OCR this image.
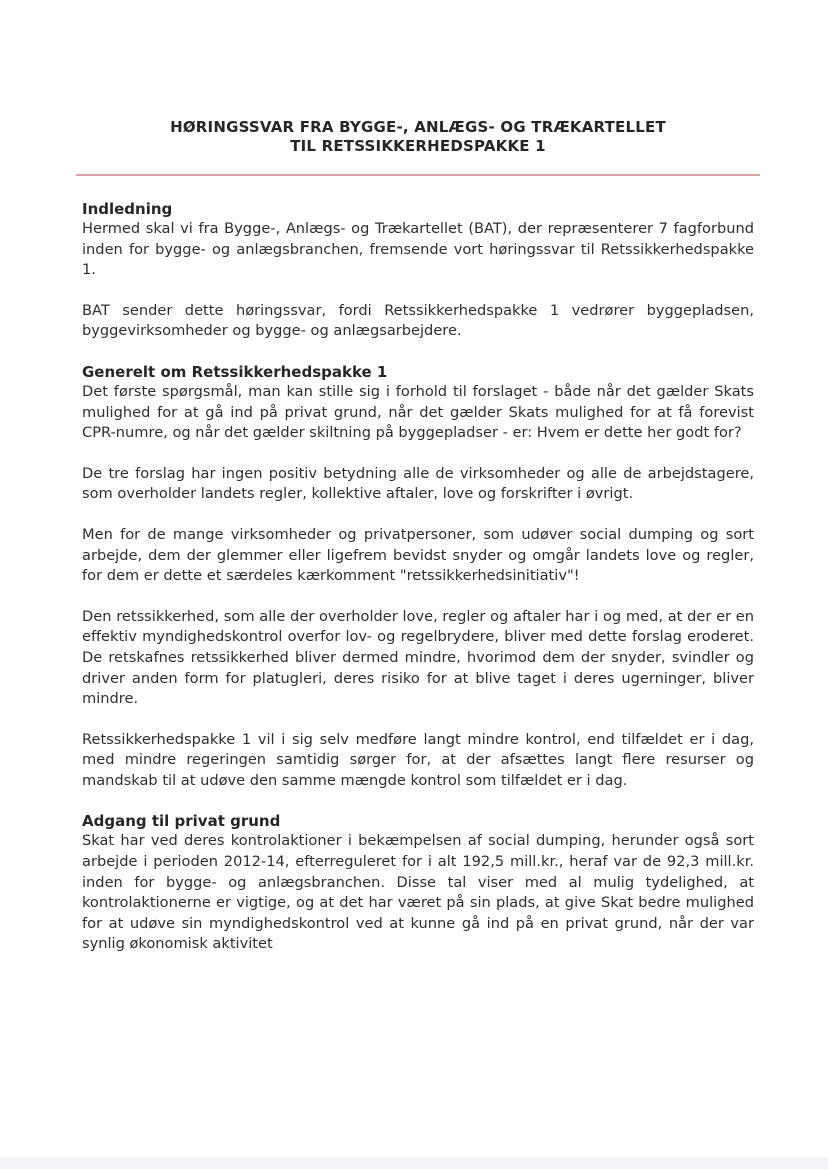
HØRINGSSVAR FRA BYGGE-, ANLÆGS- OG TRÆKARTELLET
TIL RETSSIKKERHEDSPAKKE 1
Indledning

Hermed skal vi fra Bygge-, Anlægs- og Trækartellet (BAT), der repræsenterer 7 fagforbund inden for bygge- og anlægsbranchen, fremsende vort høringssvar til Retssikkerhedspakke 1.

BAT sender dette høringssvar, fordi Retssikkerhedspakke 1 vedrører byggepladsen, byggevirksomheder og bygge- og anlægsarbejdere.

Generelt om Retssikkerhedspakke 1

Det første spørgsmål, man kan stille sig i forhold til forslaget - både når det gælder Skats mulighed for at gå ind på privat grund, når det gælder Skats mulighed for at få forevist CPR-numre, og når det gælder skiltning på byggepladser - er: Hvem er dette her godt for?

De tre forslag har ingen positiv betydning alle de virksomheder og alle de arbejdstagere, som overholder landets regler, kollektive aftaler, love og forskrifter i øvrigt.

Men for de mange virksomheder og privatpersoner, som udøver social dumping og sort arbejde, dem der glemmer eller ligefrem bevidst snyder og omgår landets love og regler, for dem er dette et særdeles kærkomment "retssikkerhedsinitiativ"!

Den retssikkerhed, som alle der overholder love, regler og aftaler har i og med, at der er en effektiv myndighedskontrol overfor lov- og regelbrydere, bliver med dette forslag eroderet. De retskafnes retssikkerhed bliver dermed mindre, hvorimod dem der snyder, svindler og driver anden form for platugleri, deres risiko for at blive taget i deres ugerninger, bliver mindre.

Retssikkerhedspakke 1 vil i sig selv medføre langt mindre kontrol, end tilfældet er i dag, med mindre regeringen samtidig sørger for, at der afsættes langt flere resurser og mandskab til at udøve den samme mængde kontrol som tilfældet er i dag.

Adgang til privat grund

Skat har ved deres kontrolaktioner i bekæmpelsen af social dumping, herunder også sort arbejde i perioden 2012-14, efterreguleret for i alt 192,5 mill.kr., heraf var de 92,3 mill.kr. inden for bygge- og anlægsbranchen. Disse tal viser med al mulig tydelighed, at kontrolaktionerne er vigtige, og at det har været på sin plads, at give Skat bedre mulighed for at udøve sin myndighedskontrol ved at kunne gå ind på en privat grund, når der var synlig økonomisk aktivitet
